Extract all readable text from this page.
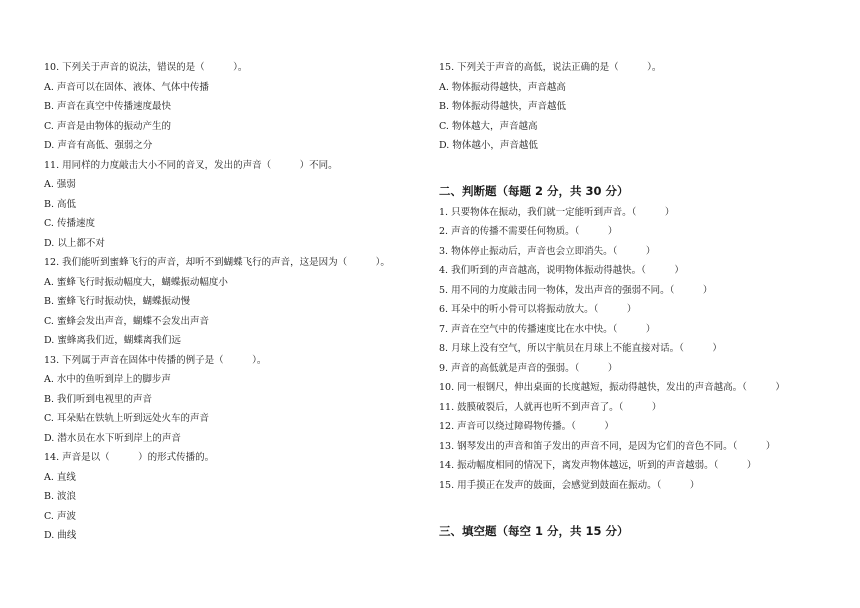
10. 下列关于声音的说法，错误的是（　　　）。
A. 声音可以在固体、液体、气体中传播
B. 声音在真空中传播速度最快
C. 声音是由物体的振动产生的
D. 声音有高低、强弱之分
11. 用同样的力度敲击大小不同的音叉，发出的声音（　　　）不同。
A. 强弱
B. 高低
C. 传播速度
D. 以上都不对
12. 我们能听到蜜蜂飞行的声音，却听不到蝴蝶飞行的声音，这是因为（　　　）。
A. 蜜蜂飞行时振动幅度大，蝴蝶振动幅度小
B. 蜜蜂飞行时振动快，蝴蝶振动慢
C. 蜜蜂会发出声音，蝴蝶不会发出声音
D. 蜜蜂离我们近，蝴蝶离我们远
13. 下列属于声音在固体中传播的例子是（　　　）。
A. 水中的鱼听到岸上的脚步声
B. 我们听到电视里的声音
C. 耳朵贴在铁轨上听到远处火车的声音
D. 潜水员在水下听到岸上的声音
14. 声音是以（　　　）的形式传播的。
A. 直线
B. 波浪
C. 声波
D. 曲线
15. 下列关于声音的高低，说法正确的是（　　　）。
A. 物体振动得越快，声音越高
B. 物体振动得越快，声音越低
C. 物体越大，声音越高
D. 物体越小，声音越低
二、判断题（每题 2 分，共 30 分）
1. 只要物体在振动，我们就一定能听到声音。（　　　）
2. 声音的传播不需要任何物质。（　　　）
3. 物体停止振动后，声音也会立即消失。（　　　）
4. 我们听到的声音越高，说明物体振动得越快。（　　　）
5. 用不同的力度敲击同一物体，发出声音的强弱不同。（　　　）
6. 耳朵中的听小骨可以将振动放大。（　　　）
7. 声音在空气中的传播速度比在水中快。（　　　）
8. 月球上没有空气，所以宇航员在月球上不能直接对话。（　　　）
9. 声音的高低就是声音的强弱。（　　　）
10. 同一根钢尺，伸出桌面的长度越短，振动得越快，发出的声音越高。（　　　）
11. 鼓膜破裂后，人就再也听不到声音了。（　　　）
12. 声音可以绕过障碍物传播。（　　　）
13. 钢琴发出的声音和笛子发出的声音不同，是因为它们的音色不同。（　　　）
14. 振动幅度相同的情况下，离发声物体越远，听到的声音越弱。（　　　）
15. 用手摸正在发声的鼓面，会感觉到鼓面在振动。（　　　）
三、填空题（每空 1 分，共 15 分）
